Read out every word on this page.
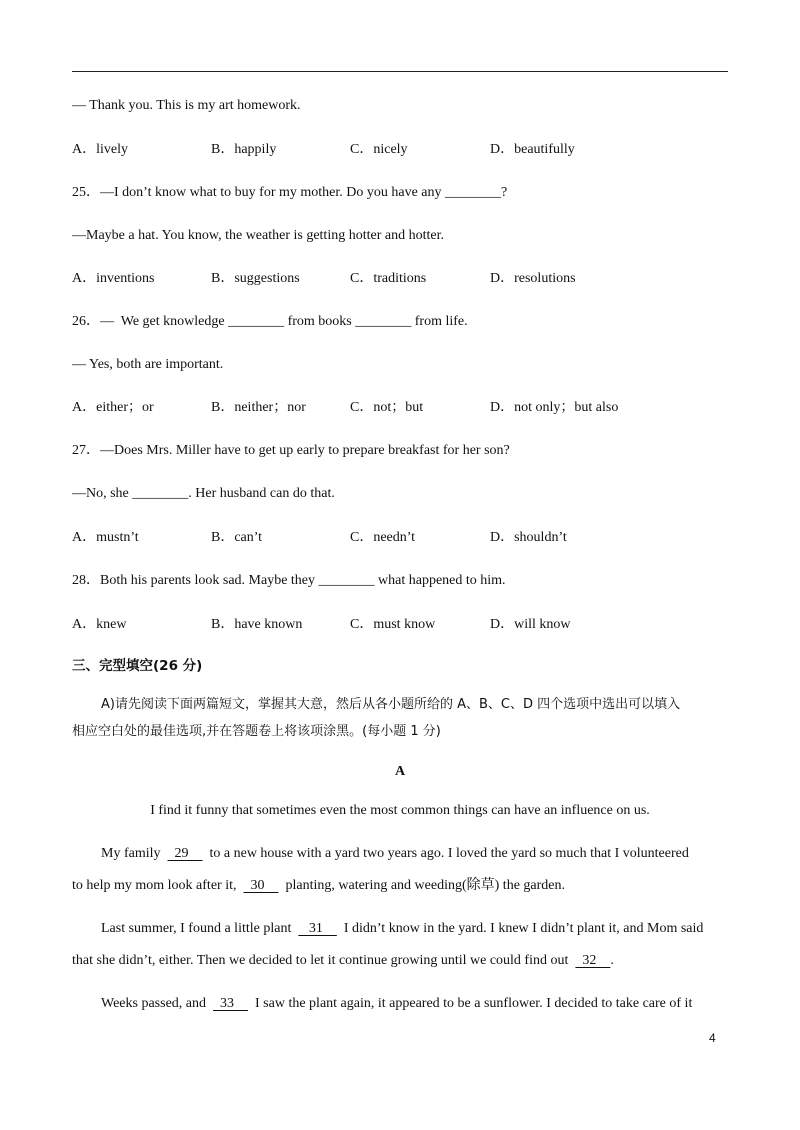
— Thank you. This is my art homework.
A．lively	B．happily	C．nicely	D．beautifully
25．—I don’t know what to buy for my mother. Do you have any ________?
—Maybe a hat. You know, the weather is getting hotter and hotter.
A．inventions	B．suggestions	C．traditions	D．resolutions
26．—  We get knowledge ________ from books ________ from life.
— Yes, both are important.
A．either；or	B．neither；nor	C．not；but	D．not only；but also
27．—Does Mrs. Miller have to get up early to prepare breakfast for her son?
—No, she ________. Her husband can do that.
A．mustn’t	B．can’t	C．needn’t	D．shouldn’t
28．Both his parents look sad. Maybe they ________ what happened to him.
A．knew	B．have known	C．must know	D．will know
三、完型填空(26 分)
A)请先阅读下面两篇短文，掌握其大意，然后从各小题所给的 A、B、C、D 四个选项中选出可以填入
相应空白处的最佳选项,并在答题卷上将该项涂黑。(每小题 1 分)
A
I find it funny that sometimes even the most common things can have an influence on us.
My family    29      to a new house with a yard two years ago. I loved the yard so much that I volunteered
to help my mom look after it,    30      planting, watering and weeding(除草) the garden.
Last summer, I found a little plant     31      I didn’t know in the yard. I knew I didn’t plant it, and Mom said
that she didn’t, either. Then we decided to let it continue growing until we could find out    32    .
Weeks passed, and    33      I saw the plant again, it appeared to be a sunflower. I decided to take care of it
4
